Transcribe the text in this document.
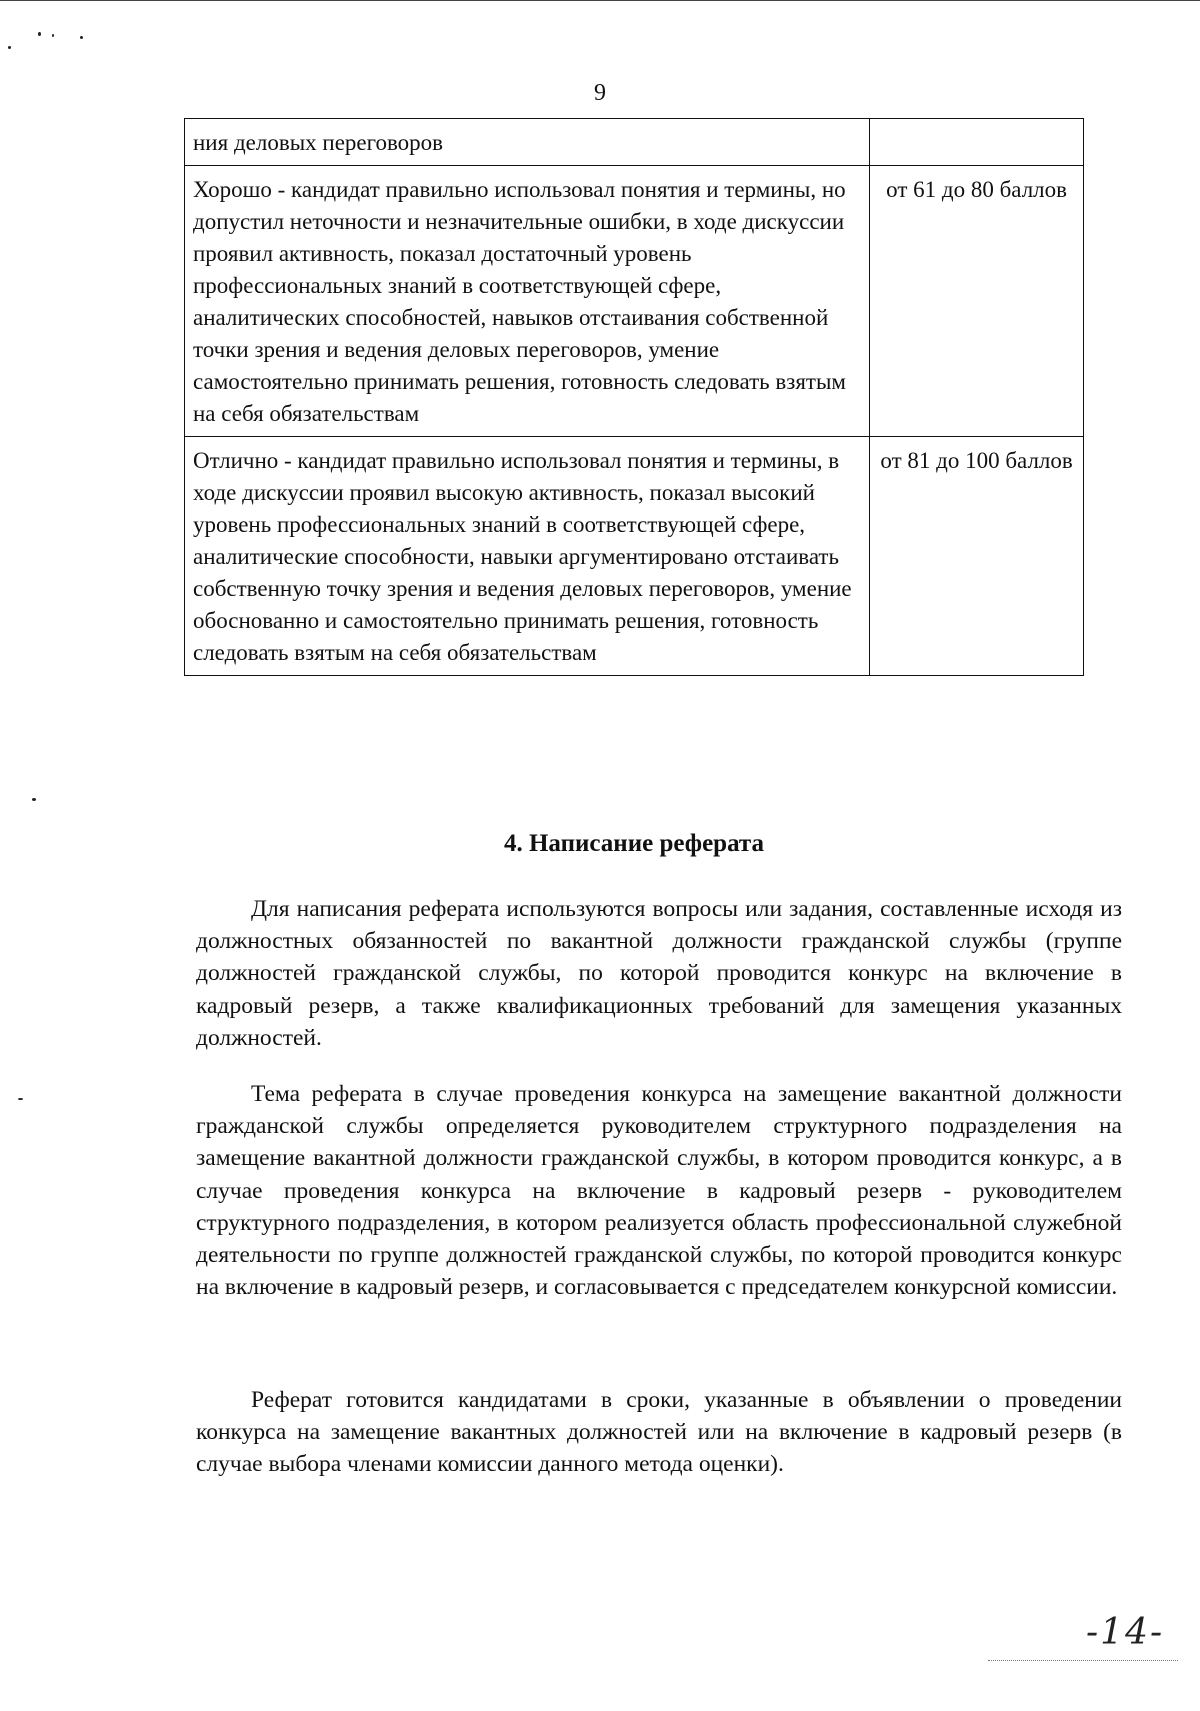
9
ния деловых переговоров	
Хорошо - кандидат правильно использовал понятия и термины, но допустил неточности и незначительные ошибки, в ходе дискуссии проявил активность, показал достаточный уровень профессиональных знаний в соответствующей сфере, аналитических способностей, навыков отстаивания собственной точки зрения и ведения деловых переговоров, умение самостоятельно принимать решения, готовность следовать взятым на себя обязательствам	от 61 до 80 баллов
Отлично - кандидат правильно использовал понятия и термины, в ходе дискуссии проявил высокую активность, показал высокий уровень профессиональных знаний в соответствующей сфере, аналитические способности, навыки аргументировано отстаивать собственную точку зрения и ведения деловых переговоров, умение обоснованно и самостоятельно принимать решения, готовность следовать взятым на себя обязательствам	от 81 до 100 баллов
4. Написание реферата

Для написания реферата используются вопросы или задания, составленные исходя из должностных обязанностей по вакантной должности гражданской службы (группе должностей гражданской службы, по которой проводится конкурс на включение в кадровый резерв, а также квалификационных требований для замещения указанных должностей.

Тема реферата в случае проведения конкурса на замещение вакантной должности гражданской службы определяется руководителем структурного подразделения на замещение вакантной должности гражданской службы, в котором проводится конкурс, а в случае проведения конкурса на включение в кадровый резерв - руководителем структурного подразделения, в котором реализуется область профессиональной служебной деятельности по группе должностей гражданской службы, по которой проводится конкурс на включение в кадровый резерв, и согласовывается с председателем конкурсной комиссии.

Реферат готовится кандидатами в сроки, указанные в объявлении о проведении конкурса на замещение вакантных должностей или на включение в кадровый резерв (в случае выбора членами комиссии данного метода оценки).

-14-
